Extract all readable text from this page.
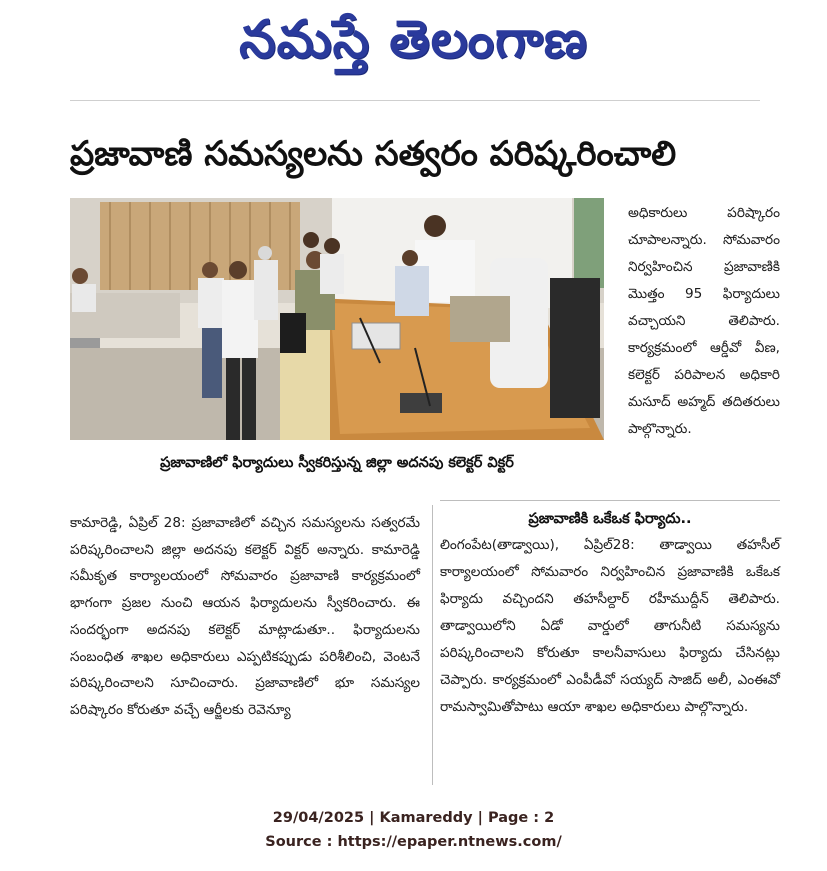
నమస్తే తెలంగాణ
ప్రజావాణి సమస్యలను సత్వరం పరిష్కరించాలి
ప్రజావాణిలో ఫిర్యాదులు స్వీకరిస్తున్న జిల్లా అదనపు కలెక్టర్ విక్టర్
అధికారులు పరిష్కారం చూపాలన్నారు. సోమవారం నిర్వహించిన ప్రజావాణికి మొత్తం 95 ఫిర్యాదులు వచ్చాయని తెలిపారు. కార్యక్రమంలో ఆర్డీవో వీణ, కలెక్టర్ పరిపాలన అధికారి మసూద్ అహ్మద్ తదితరులు పాల్గొన్నారు.
కామారెడ్డి, ఏప్రిల్ 28: ప్రజావాణిలో వచ్చిన సమస్యలను సత్వరమే పరిష్కరించాలని జిల్లా అదనపు కలెక్టర్ విక్టర్ అన్నారు. కామారెడ్డి సమీకృత కార్యాలయంలో సోమవారం ప్రజావాణి కార్యక్రమంలో భాగంగా ప్రజల నుంచి ఆయన ఫిర్యాదులను స్వీకరించారు. ఈ సందర్భంగా అదనపు కలెక్టర్ మాట్లాడుతూ.. ఫిర్యాదులను సంబంధిత శాఖల అధికారులు ఎప్పటికప్పుడు పరిశీలించి, వెంటనే పరిష్కరించాలని సూచించారు. ప్రజావాణిలో భూ సమస్యల పరిష్కారం కోరుతూ వచ్చే ఆర్జీలకు రెవెన్యూ
ప్రజావాణికి ఒకేఒక ఫిర్యాదు..
లింగంపేట(తాడ్వాయి), ఏప్రిల్28: తాడ్వాయి తహసీల్ కార్యాలయంలో సోమవారం నిర్వహించిన ప్రజావాణికి ఒకేఒక ఫిర్యాదు వచ్చిందని తహసీల్దార్ రహీముద్దీన్ తెలిపారు. తాడ్వాయిలోని ఏడో వార్డులో తాగునీటి సమస్యను పరిష్కరించాలని కోరుతూ కాలనీవాసులు ఫిర్యాదు చేసినట్లు చెప్పారు. కార్యక్రమంలో ఎంపీడీవో సయ్యద్ సాజిద్ అలీ, ఎంఈవో రామస్వామితోపాటు ఆయా శాఖల అధికారులు పాల్గొన్నారు.
29/04/2025 | Kamareddy | Page : 2
Source : https://epaper.ntnews.com/
